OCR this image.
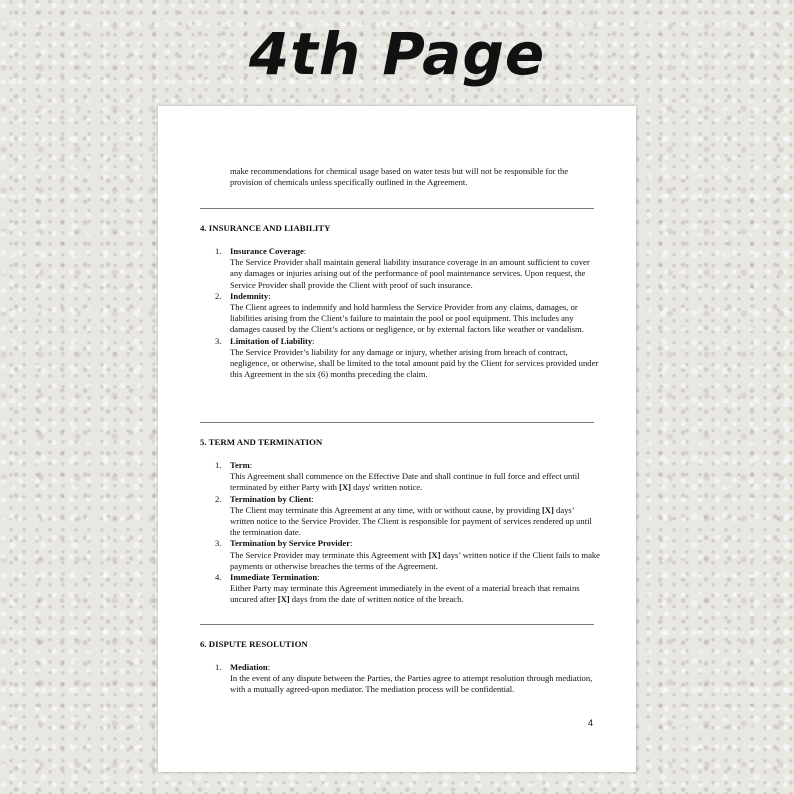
4th Page
make recommendations for chemical usage based on water tests but will not be responsible for the provision of chemicals unless specifically outlined in the Agreement.
4. INSURANCE AND LIABILITY
1. Insurance Coverage:
The Service Provider shall maintain general liability insurance coverage in an amount sufficient to cover any damages or injuries arising out of the performance of pool maintenance services. Upon request, the Service Provider shall provide the Client with proof of such insurance.
2. Indemnity:
The Client agrees to indemnify and hold harmless the Service Provider from any claims, damages, or liabilities arising from the Client’s failure to maintain the pool or pool equipment. This includes any damages caused by the Client’s actions or negligence, or by external factors like weather or vandalism.
3. Limitation of Liability:
The Service Provider’s liability for any damage or injury, whether arising from breach of contract, negligence, or otherwise, shall be limited to the total amount paid by the Client for services provided under this Agreement in the six (6) months preceding the claim.
5. TERM AND TERMINATION
1. Term:
This Agreement shall commence on the Effective Date and shall continue in full force and effect until terminated by either Party with [X] days' written notice.
2. Termination by Client:
The Client may terminate this Agreement at any time, with or without cause, by providing [X] days’ written notice to the Service Provider. The Client is responsible for payment of services rendered up until the termination date.
3. Termination by Service Provider:
The Service Provider may terminate this Agreement with [X] days’ written notice if the Client fails to make payments or otherwise breaches the terms of the Agreement.
4. Immediate Termination:
Either Party may terminate this Agreement immediately in the event of a material breach that remains uncured after [X] days from the date of written notice of the breach.
6. DISPUTE RESOLUTION
1. Mediation:
In the event of any dispute between the Parties, the Parties agree to attempt resolution through mediation, with a mutually agreed-upon mediator. The mediation process will be confidential.
4
